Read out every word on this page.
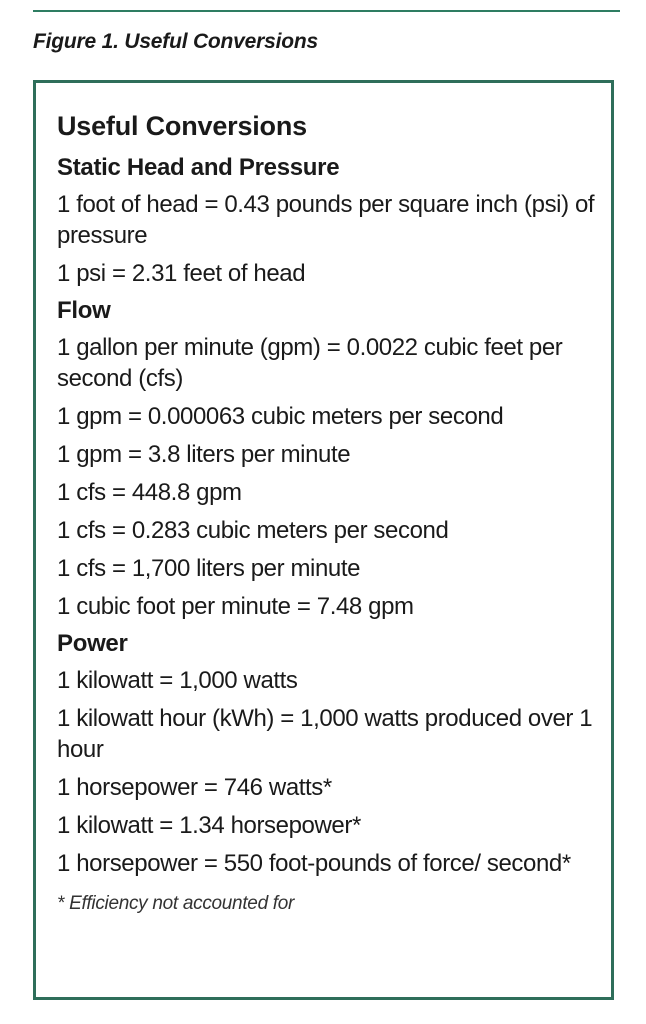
Figure 1. Useful Conversions
Useful Conversions
Static Head and Pressure
1 foot of head = 0.43 pounds per square inch (psi) of pressure
1 psi = 2.31 feet of head
Flow
1 gallon per minute (gpm) = 0.0022 cubic feet per second (cfs)
1 gpm = 0.000063 cubic meters per second
1 gpm = 3.8 liters per minute
1 cfs = 448.8 gpm
1 cfs = 0.283 cubic meters per second
1 cfs = 1,700 liters per minute
1 cubic foot per minute = 7.48 gpm
Power
1 kilowatt = 1,000 watts
1 kilowatt hour (kWh) = 1,000 watts produced over 1 hour
1 horsepower = 746 watts*
1 kilowatt = 1.34 horsepower*
1 horsepower = 550 foot-pounds of force/ second*
* Efficiency not accounted for
